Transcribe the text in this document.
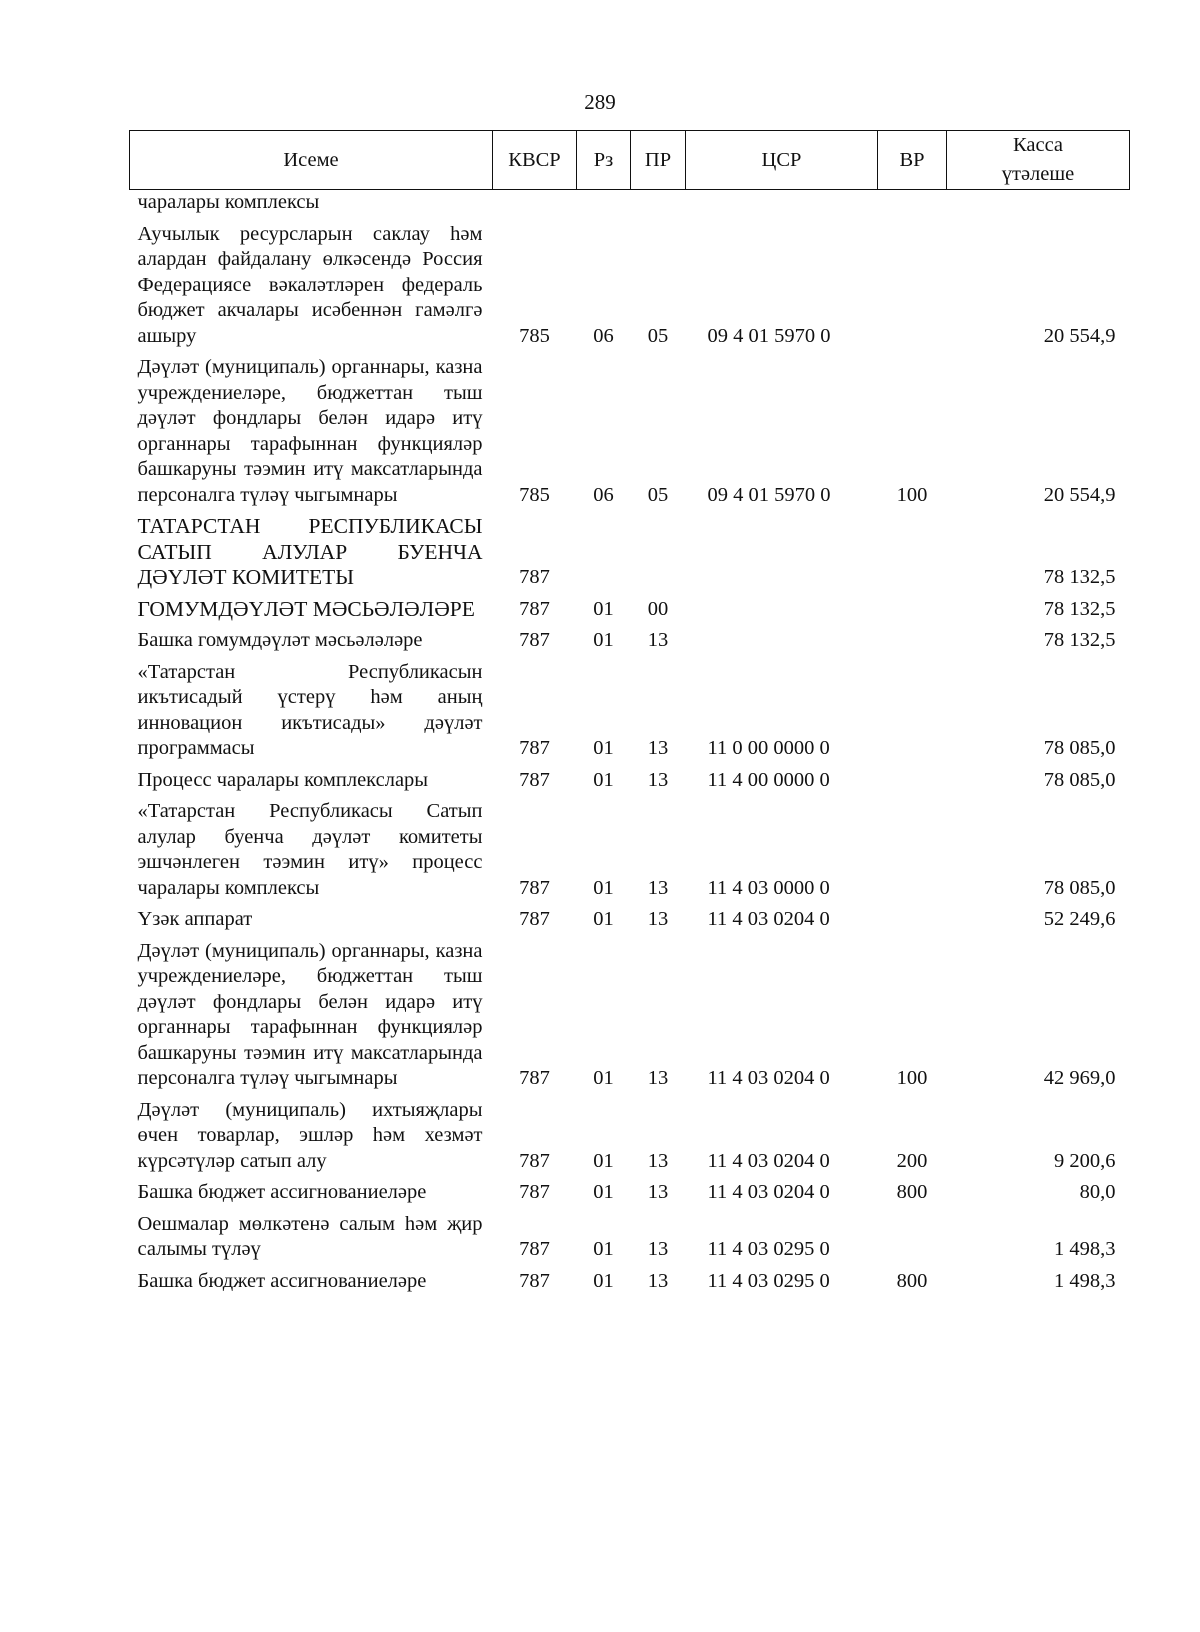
289
Исеме	КВСР	Рз	ПР	ЦСР	ВР	Касса
үтәлеше

чаралары комплексы						
Аучылык ресурсларын саклау һәм алардан файдалану өлкәсендә Россия Федерациясе вәкаләтләрен федераль бюджет акчалары исәбеннән гамәлгә ашыру	785	06	05	09 4 01 5970 0		20 554,9
Дәүләт (муниципаль) органнары, казна учреждениеләре, бюджеттан тыш дәүләт фондлары белән идарә итү органнары тарафыннан функцияләр башкаруны тәэмин итү максатларында персоналга түләү чыгымнары	785	06	05	09 4 01 5970 0	100	20 554,9
ТАТАРСТАН РЕСПУБЛИКАСЫ САТЫП АЛУЛАР БУЕНЧА ДӘҮЛӘТ КОМИТЕТЫ	787					78 132,5
ГОМУМДӘҮЛӘТ МӘСЬӘЛӘЛӘРЕ	787	01	00			78 132,5
Башка гомумдәүләт мәсьәләләре	787	01	13			78 132,5
«Татарстан Республикасын икътисадый үстерү һәм аның инновацион икътисады» дәүләт программасы	787	01	13	11 0 00 0000 0		78 085,0
Процесс чаралары комплекслары	787	01	13	11 4 00 0000 0		78 085,0
«Татарстан Республикасы Сатып алулар буенча дәүләт комитеты эшчәнлеген тәэмин итү» процесс чаралары комплексы	787	01	13	11 4 03 0000 0		78 085,0
Үзәк аппарат	787	01	13	11 4 03 0204 0		52 249,6
Дәүләт (муниципаль) органнары, казна учреждениеләре, бюджеттан тыш дәүләт фондлары белән идарә итү органнары тарафыннан функцияләр башкаруны тәэмин итү максатларында персоналга түләү чыгымнары	787	01	13	11 4 03 0204 0	100	42 969,0
Дәүләт (муниципаль) ихтыяҗлары өчен товарлар, эшләр һәм хезмәт күрсәтүләр сатып алу	787	01	13	11 4 03 0204 0	200	9 200,6
Башка бюджет ассигнованиеләре	787	01	13	11 4 03 0204 0	800	80,0
Оешмалар мөлкәтенә салым һәм җир салымы түләү	787	01	13	11 4 03 0295 0		1 498,3
Башка бюджет ассигнованиеләре	787	01	13	11 4 03 0295 0	800	1 498,3
